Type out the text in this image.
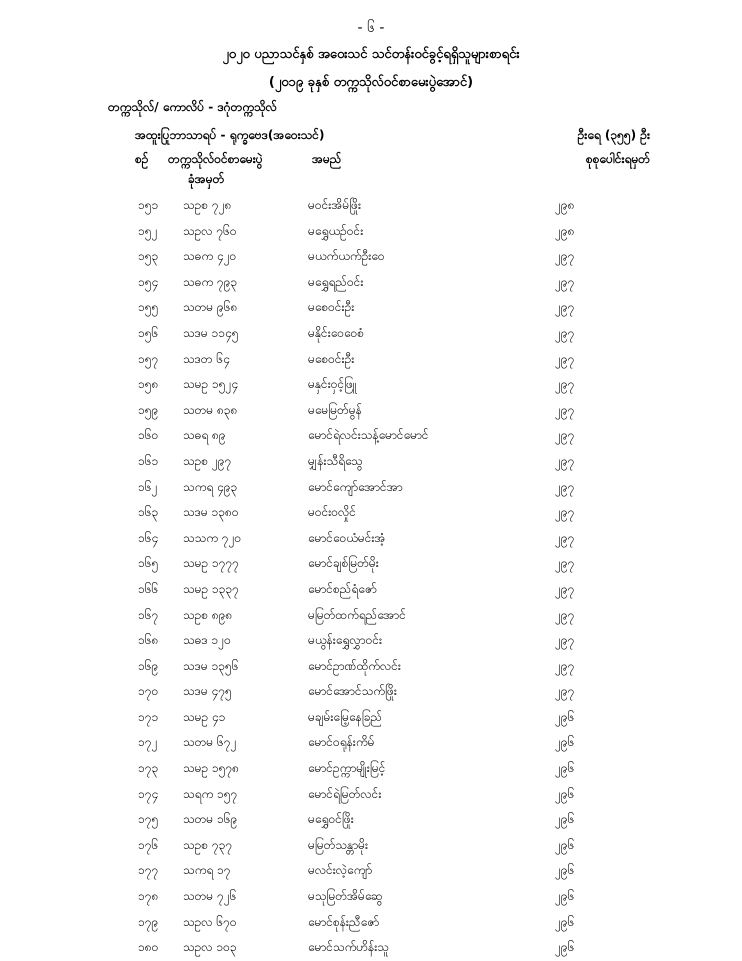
- ၆ -
၂၀၂၀ ပညာသင်နှစ် အဝေးသင် သင်တန်းဝင်ခွင့်ရရှိသူများစာရင်း
(၂၀၁၉ ခုနှစ် တက္ကသိုလ်ဝင်စာမေးပွဲအောင်)
တက္ကသိုလ်/ ကောလိပ် - ဒဂုံတက္ကသိုလ်
အထူးပြုဘာသာရပ် - ရုက္ခဗေဒ(အဝေးသင်)	ဦးရေ (၃၅၅) ဦး
စဉ် တက္ကသိုလ်ဝင်စာမေးပွဲ
ခုံအမှတ်
အမည်	စုစုပေါင်းရမှတ်
၁၅၁ သဥစ ၇၂၈	မဝင်းအိမ်ဖြိုး	၂၉၈
၁၅၂ သဥလ ၇၆၀	မရွှေယဉ်ဝင်း	၂၉၈
၁၅၃ သဓက ၄၂၀	မယက်ယက်ဦးဝေ	၂၉၇
၁၅၄ သဓက ၇၉၃	မရွှေရည်ဝင်း	၂၉၇
၁၅၅ သတမ ၉၆၈	မစေဝင်းဦး	၂၉၇
၁၅၆ သဒမ ၁၁၄၅	မနိုင်းဝေဝေစံ	၂၉၇
၁၅၇ သဒတ ၆၄	မစေဝင်းဦး	၂၉၇
၁၅၈ သမဥ ၁၅၂၄	မနှင်းဝှင့်ဖြူ	၂၉၇
၁၅၉ သတမ ၈၃၈	မမေမြတ်မွန်	၂၉၇
၁၆၀ သဓရ ၈၉	မောင်ရဲလင်းသန့်မောင်မောင်	၂၉၇
၁၆၁ သဥစ ၂၉၇	မျှန်းသီရိသွေ	၂၉၇
၁၆၂ သကရ ၄၉၃	မောင်ကျော်အောင်အာ	၂၉၇
၁၆၃ သဒမ ၁၃၈၀	မဝင်းဝလှိုင်	၂၉၇
၁၆၄ သသက ၇၂၀	မောင်ဝေယံမင်းအံ့	၂၉၇
၁၆၅ သမဥ ၁၇၇၇	မောင်ချစ်မြတ်မိုး	၂၉၇
၁၆၆ သမဥ ၁၃၃၇	မောင်စည်ရံဇော်	၂၉၇
၁၆၇ သဥစ ၈၉၈	မမြတ်ထက်ရည်အောင်	၂၉၇
၁၆၈ သဓဒ ၁၂၀	မယွန်းရွှေလွှာဝင်း	၂၉၇
၁၆၉ သဒမ ၁၃၅၆	မောင်ဥာဏ်ထိုက်လင်း	၂၉၇
၁၇၀ သဒမ ၄၇၅	မောင်အောင်သက်ဖြိုး	၂၉၇
၁၇၁ သမဥ ၄၁	မချမ်းမြေ့နေခြည်	၂၉၆
၁၇၂ သတမ ၆၇၂	မောင်ဝရုန်းကိမ်	၂၉၆
၁၇၃ သမဥ ၁၅၇၈	မောင်ဥက္ကာမျိုးမြင့်	၂၉၆
၁၇၄ သရက ၁၅၇	မောင်ရဲမြတ်လင်း	၂၉၆
၁၇၅ သတမ ၁၆၉	မရွှေဝင်ဖြိုး	၂၉၆
၁၇၆ သဥစ ၇၃၇	မမြတ်သန္တာမိုး	၂၉၆
၁၇၇ သကရ ၁၇	မလင်းလဲ့ကျော်	၂၉၆
၁၇၈ သတမ ၇၂၆	မသုမြတ်အိမ်ဆွေ	၂၉၆
၁၇၉ သဥလ ၆၇၀	မောင်စုန်းညီဇော်	၂၉၆
၁၈၀ သဥလ ၁၀၃	မောင်သက်ဟိန်းသူ	၂၉၆
